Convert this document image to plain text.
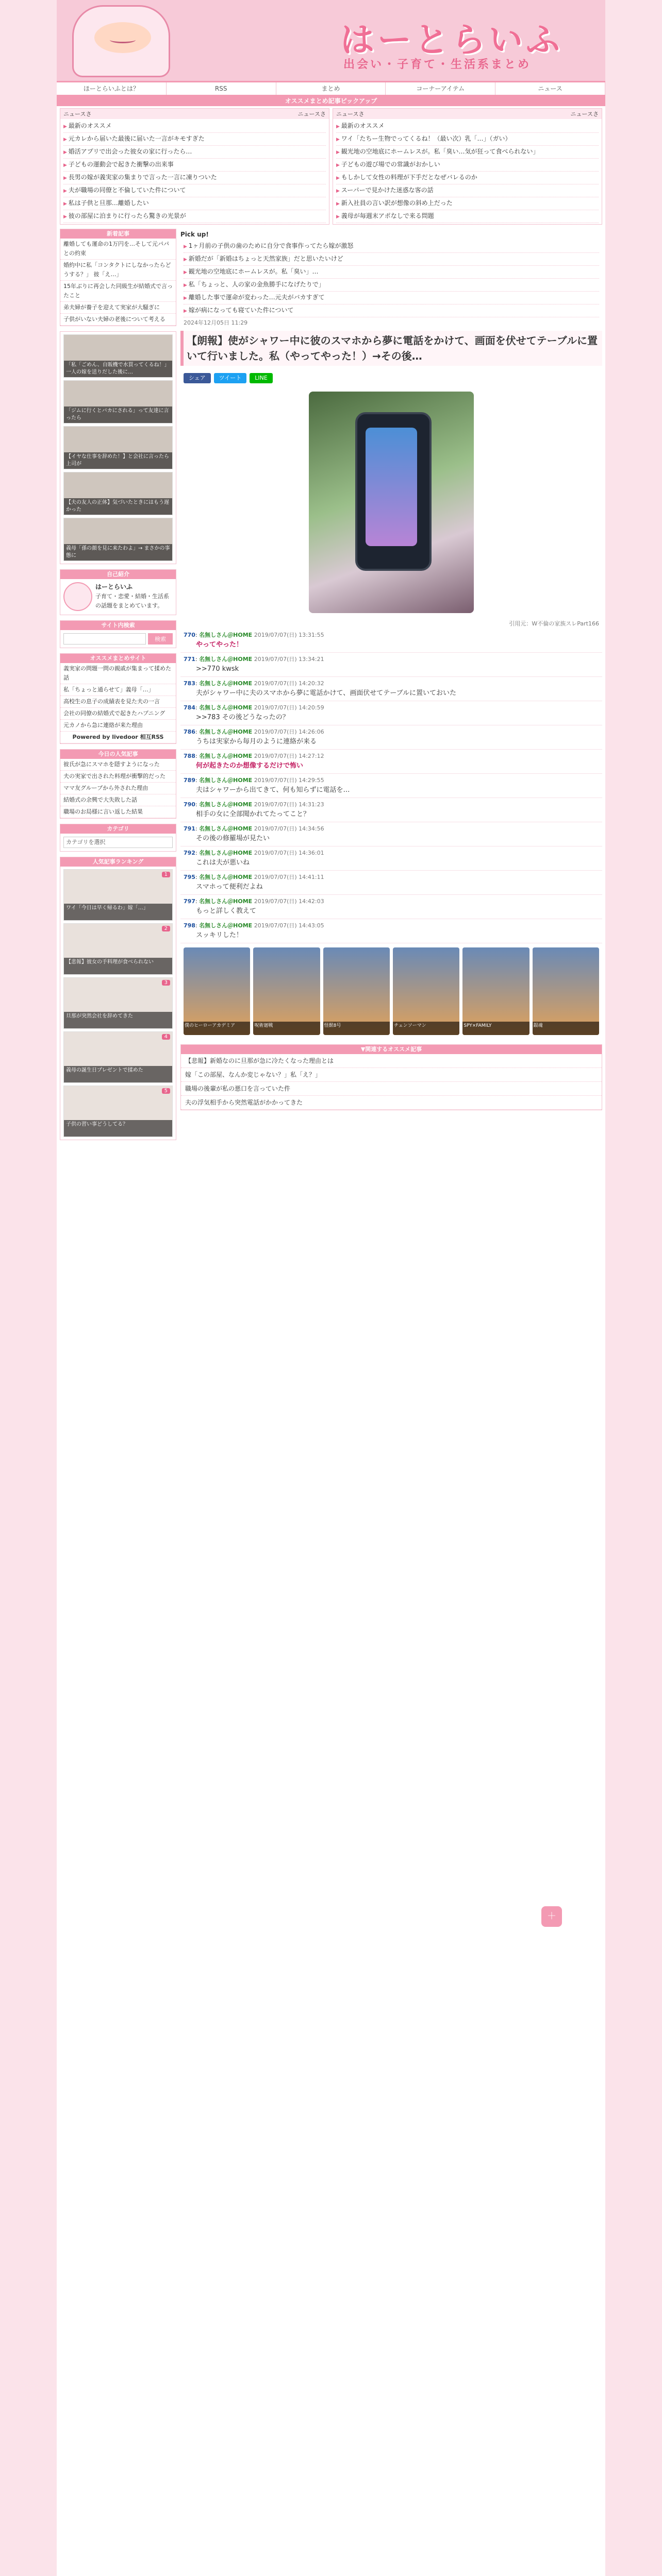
はーとらいふ
出会い・子育て・生活系まとめ
ほーとらいふとは？	RSS	まとめ	コーナーアイテム	ニュース
オススメまとめ記事ピックアップ
ニュースさ	ニュースさ
▶ 最新のオススメ
▶ 元カレから届いた最後に届いた一言がキモすぎた
▶ 婚活アプリで出会った彼女の家に行ったら…
▶ 子どもの運動会で起きた衝撃の出来事
▶ 長男の嫁が義実家の集まりで言った一言に凍りついた
▶ 夫が職場の同僚と不倫していた件について
▶ 私は子供と旦那…離婚したい
▶ 彼の部屋に泊まりに行ったら驚きの光景が
ニュースさ	ニュースさ
▶ 最新のオススメ
▶ ワイ「たちー生物でってくるね！（最い次）乳「…」（ガい）
▶ 観光地の空地底にホームレスが。私「臭い…気が狂って食べられない」
▶ 子どもの遊び場での常識がおかしい
▶ もしかして女性の料理が下手だとなぜバレるのか
▶ スーパーで見かけた迷惑な客の話
▶ 新入社員の言い訳が想像の斜め上だった
▶ 義母が毎週末アポなしで来る問題
新着記事

離婚しても運命の1万円を…そして元パパとの約束

婚約中に私「コンタクトにしなかったらどうする？」 彼「え…」

15年ぶりに再会した同級生が結婚式で言ったこと

弟夫婦が養子を迎えて実家が大騒ぎに

子供がいない夫婦の老後について考える

「私「ごめん、自販機で水買ってくるね！」 一人の嫁を送りだした後に…
「ジムに行くとバカにされる」って友達に言ったら
【イヤな仕事を辞めた！】と会社に言ったら上司が
【夫の友人の正体】気づいたときにはもう遅かった
義母「孫の顔を見に来たわよ」→ まさかの事態に
自己紹介
はーとらいふ
子育て・恋愛・結婚・生活系の話題をまとめています。
サイト内検索
検索
オススメまとめサイト

義実家の問題一問の親戚が集まって揉めた話

私「ちょっと通らせて」義母「…」

高校生の息子の成績表を見た夫の一言

会社の同僚の結婚式で起きたハプニング

元カノから急に連絡が来た理由

Powered by livedoor 相互RSS

今日の人気記事

彼氏が急にスマホを隠すようになった

夫の実家で出された料理が衝撃的だった

ママ友グループから外された理由

結婚式の余興で大失敗した話

職場のお局様に言い返した結果

カテゴリ
カテゴリを選択
人気記事ランキング
1
ワイ「今日は早く帰るわ」嫁「…」
2
【悲報】彼女の手料理が食べられない
3
旦那が突然会社を辞めてきた
4
義母の誕生日プレゼントで揉めた
5
子供の習い事どうしてる？
Pick up!
▶ 1ヶ月前の子供の歯のために自分で食事作ってたら嫁が激怒
▶ 新婚だが「新婚はちょっと天然家族」だと思いたいけど
▶ 観光地の空地底にホームレスが。私「臭い」…
▶ 私「ちょっと、人の家の金魚勝手になげたりで」
▶ 離婚した事で運命が変わった…元夫がバカすぎて
▶ 嫁が病になっても寝ていた件について
2024年12月05日 11:29
【朗報】使がシャワー中に彼のスマホから夢に電話をかけて、画面を伏せてテーブルに置いて行いました。私（やってやった！）→その後…
シェア	ツイート	LINE
引用元：W不倫の家族スレPart166
770: 名無しさん＠HOME 2019/07/07(日) 13:31:55
やってやった！
771: 名無しさん＠HOME 2019/07/07(日) 13:34:21
>>770 kwsk
783: 名無しさん＠HOME 2019/07/07(日) 14:20:32
夫がシャワー中に夫のスマホから夢に電話かけて、画面伏せてテーブルに置いておいた
784: 名無しさん＠HOME 2019/07/07(日) 14:20:59
>>783 その後どうなったの？
786: 名無しさん＠HOME 2019/07/07(日) 14:26:06
うちは実家から毎月のように連絡が来る
788: 名無しさん＠HOME 2019/07/07(日) 14:27:12
何が起きたのか想像するだけで怖い
789: 名無しさん＠HOME 2019/07/07(日) 14:29:55
夫はシャワーから出てきて、何も知らずに電話を…
790: 名無しさん＠HOME 2019/07/07(日) 14:31:23
相手の女に全部聞かれてたってこと？
791: 名無しさん＠HOME 2019/07/07(日) 14:34:56
その後の修羅場が見たい
792: 名無しさん＠HOME 2019/07/07(日) 14:36:01
これは夫が悪いね
795: 名無しさん＠HOME 2019/07/07(日) 14:41:11
スマホって便利だよね
797: 名無しさん＠HOME 2019/07/07(日) 14:42:03
もっと詳しく教えて
798: 名無しさん＠HOME 2019/07/07(日) 14:43:05
スッキリした！
僕のヒーローアカデミア	呪術廻戦	怪獣8号	チェンソーマン	SPY×FAMILY	銀魂
▼関連するオススメ記事

【悲報】新婚なのに旦那が急に冷たくなった理由とは

嫁「この部屋、なんか変じゃない？」私「え？」

職場の後輩が私の悪口を言っていた件

夫の浮気相手から突然電話がかかってきた

＋
